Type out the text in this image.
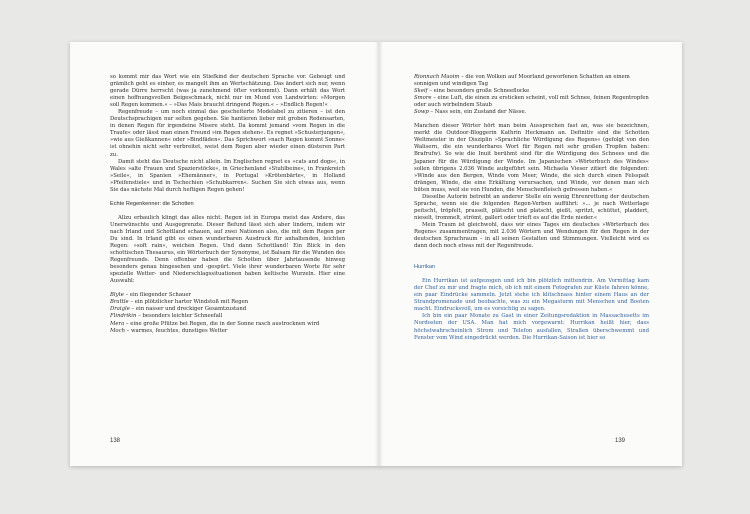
so kommt mir das Wort wie ein Stiefkind der deutschen Sprache vor. Gebeugt und grämlich geht es einher, es mangelt ihm an Wertschätzung. Das ändert sich nur, wenn gerade Dürre herrscht (was ja zunehmend öfter vorkommt). Dann erhält das Wort einen hoffnungsvollen Beigeschmack, nicht nur im Mund von Landwirten: »Morgen soll Regen kommen.« – »Das Mais braucht dringend Regen.« – »Endlich Regen!«

Regenfreude – um noch einmal das gescheiterte Modelabel zu zitieren – ist den Deutschsprachigen nur selten gegeben. Sie hantieren lieber mit groben Redensarten, in denen Regen für irgendeine Misere steht. Da kommt jemand »vom Regen in die Traufe« oder lässt man einen Freund »im Regen stehen«. Es regnet »Schusterjungen«, »wie aus Gießkannen« oder »Bindfäden«. Das Sprichwort »nach Regen kommt Sonne« ist ohnehin nicht sehr verbreitet, weist dem Regen aber wieder einen düsteren Part zu.

Damit steht das Deutsche nicht allein. Im Englischen regnet es »cats and dogs«, in Wales »alte Frauen und Spazierstöcke«, in Griechenland »Stuhlbeine«, in Frankreich »Seile«, in Spanien »Ehemänner«, in Portugal »Krötenbärte«, in Holland »Pfeifenstiele« und in Tschechien »Schubkarren«. Suchen Sie sich etwas aus, wenn Sie das nächste Mal durch heftigen Regen gehen!

Echte Regenkenner: die Schotten

Allzu erbaulich klingt das alles nicht. Regen ist in Europa meist das Andere, das Unerwünschte und Ausgegrenzte. Dieser Befund lässt sich aber lindern, indem wir nach Irland und Schottland schauen, auf zwei Nationen also, die mit dem Regen per Du sind. In Irland gibt es einen wunderbaren Ausdruck für anhaltenden, leichten Regen: »soft rain«, weichen Regen. Und dann Schottland! Ein Blick in den schottischen Thesaurus, ein Wörterbuch der Synonyme, ist Balsam für die Wunden des Regenfreunds. Denn offenbar haben die Schotten über Jahrtausende hinweg besonders genau hingesehen und -gespürt. Viele ihrer wunderbaren Worte für sehr spezielle Wetter- und Niederschlagssituationen haben keltische Wurzeln. Hier eine Auswahl:

Blyte – ein fliegender Schauer

Brattle – ein plötzlicher harter Windstoß mit Regen

Draigle – ein nasser und dreckiger Gesamtzustand

Flindrikin – besonders leichter Schneefall

Mera – eine große Pfütze bei Regen, die in der Sonne rasch austrocknen wird

Moch – warmes, feuchtes, dunstiges Wetter

138

Rionnach Maoim – die von Wolken auf Moorland geworfenen Schatten an einem sonnigen und windigen Tag

Skeif – eine besonders große Schneeflocke

Smore – eine Luft, die einen zu ersticken scheint, voll mit Schnee, feinen Regentropfen oder auch wirbelndem Staub

Sowp – Nass sein, ein Zustand der Nässe.

Manchen dieser Wörter hört man beim Aussprechen fast an, was sie bezeichnen, merkt die Outdoor-Bloggerin Kathrin Heckmann an. Definitiv sind die Schotten Weltmeister in der Disziplin »Sprachliche Würdigung des Regens« (gefolgt von den Walisern, die ein wunderbares Wort für Regen mit sehr großen Tropfen haben: Brafrufw). So wie die Inuit berühmt sind für die Würdigung des Schnees und die Japaner für die Würdigung der Winde. Im Japanischen »Wörterbuch des Windes« sollen übrigens 2.036 Winde aufgeführt sein. Michaela Vieser zitiert die folgenden: »Winde aus den Bergen, Winde vom Meer, Winde, die sich durch einen Felsspalt drängen, Winde, die eine Erkältung verursachen, und Winde, vor denen man sich hüten muss, weil sie von Hunden, die Menschenfleisch gefressen haben.«

Dieselbe Autorin betreibt an anderer Stelle ein wenig Ehrenrettung der deutschen Sprache, wenn sie die folgenden Regen-Verben aufführt: »... je nach Wetterlage peitscht, tröpfelt, prasselt, plätscht und platscht, gießt, spritzt, schüttet, pladdert, nieselt, trommelt, strömt, gallert oder trieft es auf die Erde nieder.«

Mein Traum ist gleichwohl, dass wir eines Tages ein deutsches »Wörterbuch des Regens« zusammentragen, mit 2.036 Wörtern und Wendungen für den Regen in der deutschen Sprachraum – in all seinen Gestalten und Stimmungen. Vielleicht wird es dann doch noch etwas mit der Regenfreude.

Hurrikan

Ein Hurrikan ist aufgezogen und ich bin plötzlich mittendrin. Am Vormittag kam der Chef zu mir und fragte mich, ob ich mit einem Fotografen zur Küste fahren könne, ein paar Eindrücke sammeln. Jetzt stehe ich klitschnass hinter einem Haus an der Strandpromenade und beobachte, was zu ein Megasturm mit Menschen und Booten macht. Eindrucksvoll, um es vorsichtig zu sagen.

Ich bin ein paar Monate zu Gast in einer Zeitungsredaktion in Massachusetts im Nordosten der USA. Man hat mich vorgewarnt: Hurrikan heißt hier, dass höchstwahrscheinlich Strom und Telefon ausfallen, Straßen überschwemmt und Fenster vom Wind eingedrückt werden. Die Hurrikan-Saison ist hier so

139
